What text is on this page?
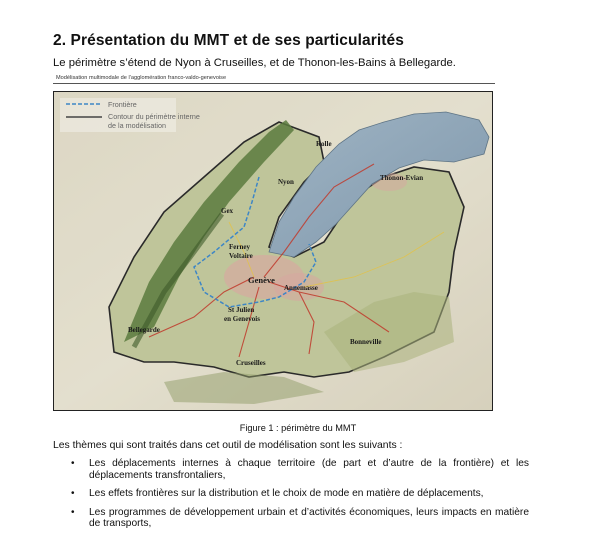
2. Présentation du MMT et de ses particularités
Le périmètre s’étend de Nyon à Cruseilles, et de Thonon-les-Bains à Bellegarde.
Modélisation multimodale de l’agglomération franco-valdo-genevoise
Frontière
Contour du périmètre interne
de la modélisation
Rolle
Thonon-Evian
Nyon
Gex
Ferney
Voltaire
Genève
Annemasse
St Julien
en Genevois
Bellegarde
Bonneville
Cruseilles
Figure 1 : périmètre du MMT
Les thèmes qui sont traités dans cet outil de modélisation sont les suivants :
• Les déplacements internes à chaque territoire (de part et d’autre de la frontière) et les déplacements transfrontaliers,
• Les effets frontières sur la distribution et le choix de mode en matière de déplacements,
• Les programmes de développement urbain et d’activités économiques, leurs impacts en matière de transports,
